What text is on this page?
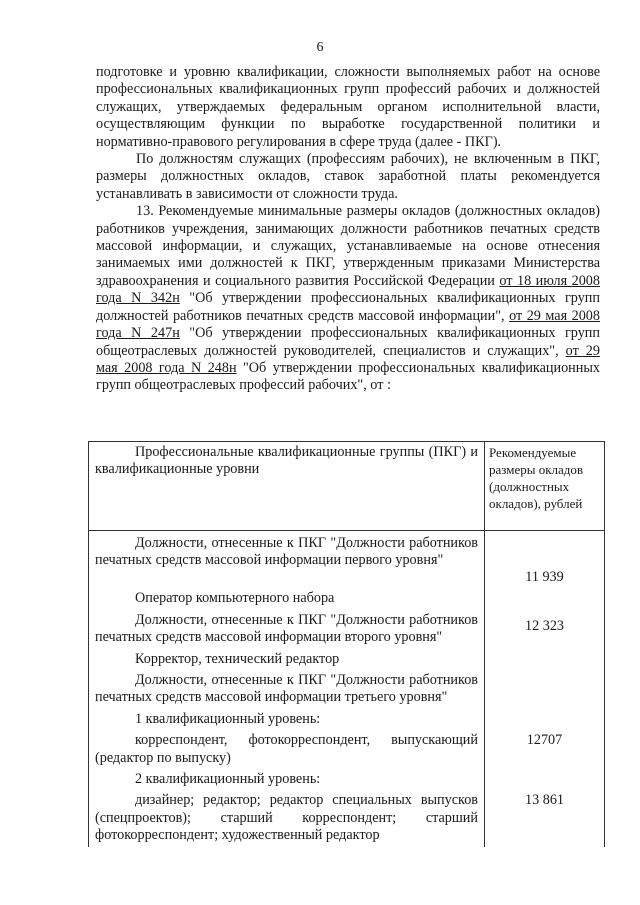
6

подготовке и уровню квалификации, сложности выполняемых работ на основе профессиональных квалификационных групп профессий рабочих и должностей служащих, утверждаемых федеральным органом исполнительной власти, осуществляющим функции по выработке государственной политики и нормативно-правового регулирования в сфере труда (далее - ПКГ).

По должностям служащих (профессиям рабочих), не включенным в ПКГ, размеры должностных окладов, ставок заработной платы рекомендуется устанавливать в зависимости от сложности труда.

13. Рекомендуемые минимальные размеры окладов (должностных окладов) работников учреждения, занимающих должности работников печатных средств массовой информации, и служащих, устанавливаемые на основе отнесения занимаемых ими должностей к ПКГ, утвержденным приказами Министерства здравоохранения и социального развития Российской Федерации от 18 июля 2008 года N 342н "Об утверждении профессиональных квалификационных групп должностей работников печатных средств массовой информации", от 29 мая 2008 года N 247н "Об утверждении профессиональных квалификационных групп общеотраслевых должностей руководителей, специалистов и служащих", от 29 мая 2008 года N 248н "Об утверждении профессиональных квалификационных групп общеотраслевых профессий рабочих", от :

Профессиональные квалификационные группы (ПКГ) и квалификационные уровни	Рекомендуемые размеры окладов (должностных окладов), рублей

Должности, отнесенные к ПКГ "Должности работников печатных средств массовой информации первого уровня"	11 939
Оператор компьютерного набора	
Должности, отнесенные к ПКГ "Должности работников печатных средств массовой информации второго уровня"	12 323
Корректор, технический редактор	
Должности, отнесенные к ПКГ "Должности работников печатных средств массовой информации третьего уровня"	
1 квалификационный уровень:	
корреспондент, фотокорреспондент, выпускающий (редактор по выпуску)	12707
2 квалификационный уровень:	
дизайнер; редактор; редактор специальных выпусков (спецпроектов); старший корреспондент; старший фотокорреспондент; художественный редактор	13 861
